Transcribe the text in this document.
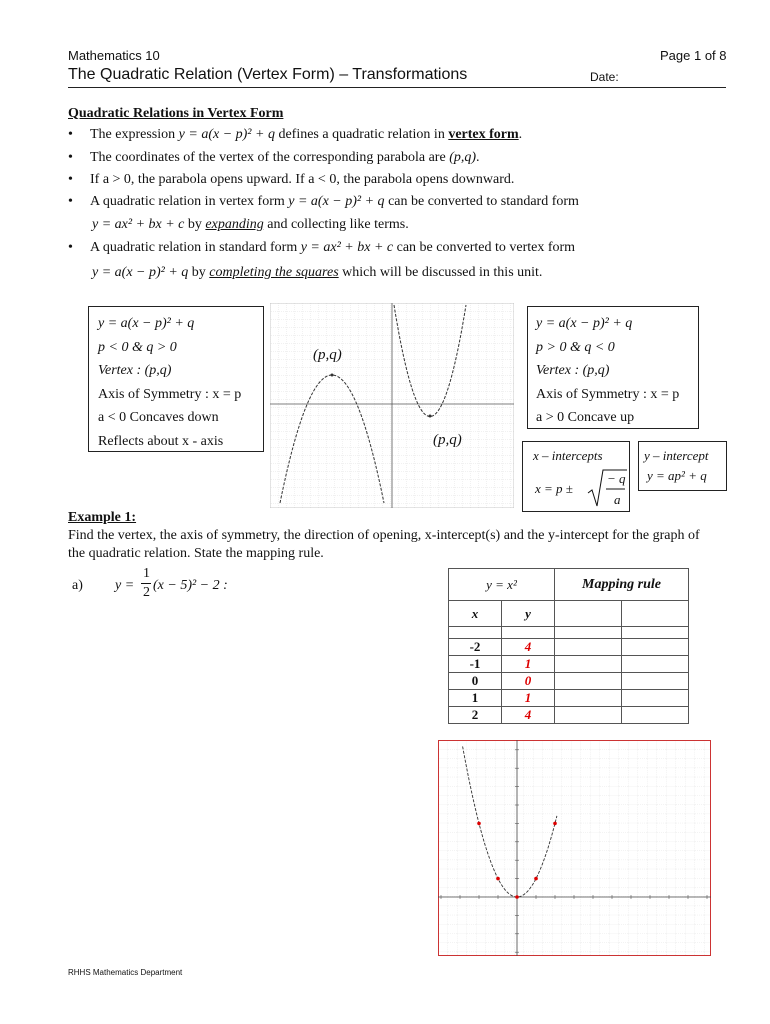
Mathematics 10	Page 1 of 8
The Quadratic Relation (Vertex Form) – Transformations	Date:
Quadratic Relations in Vertex Form
• The expression y = a(x − p)² + q defines a quadratic relation in vertex form.
• The coordinates of the vertex of the corresponding parabola are (p,q).
• If a > 0, the parabola opens upward. If a < 0, the parabola opens downward.
• A quadratic relation in vertex form y = a(x − p)² + q can be converted to standard form
y = ax² + bx + c by expanding and collecting like terms.
• A quadratic relation in standard form y = ax² + bx + c can be converted to vertex form
y = a(x − p)² + q by completing the squares which will be discussed in this unit.
y = a(x − p)² + q
p < 0 & q > 0
Vertex : (p,q)
Axis of Symmetry : x = p
a < 0 Concaves down
Reflects about x - axis
(p,q)
(p,q)
y = a(x − p)² + q
p > 0 & q < 0
Vertex : (p,q)
Axis of Symmetry : x = p
a > 0 Concave up
x – intercepts
x = p ±
− q
a
y – intercept
y = ap² + q
Example 1:
Find the vertex, the axis of symmetry, the direction of opening, x-intercept(s) and the y-intercept for the graph of the quadratic relation. State the mapping rule.
a) y =
1
2 (x − 5)² − 2 :	y = x²		Mapping rule	
x	y		

-2	4		
-1	1		
0	0		
1	1		
2	4		
RHHS Mathematics Department
